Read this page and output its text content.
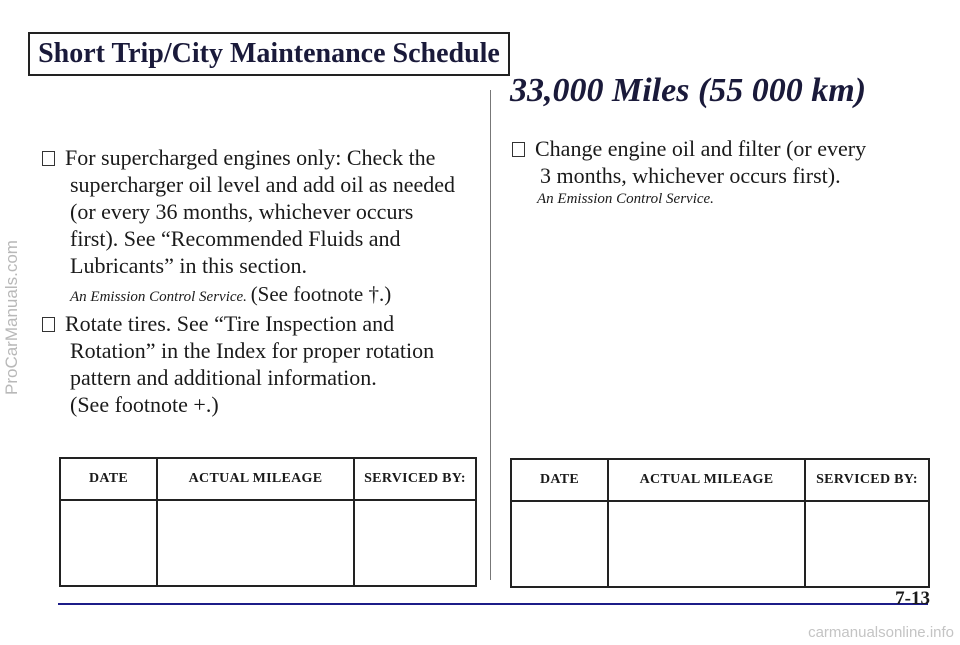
ProCarManuals.com
Short Trip/City Maintenance Schedule
For supercharged engines only: Check the
supercharger oil level and add oil as needed
(or every 36 months, whichever occurs
first). See “Recommended Fluids and
Lubricants” in this section.
An Emission Control Service. (See footnote †.)

Rotate tires. See “Tire Inspection and
Rotation” in the Index for proper rotation
pattern and additional information.
(See footnote +.)
DATE	ACTUAL MILEAGE	SERVICED BY:

33,000 Miles (55 000 km)
Change engine oil and filter (or every
3 months, whichever occurs first).
An Emission Control Service.
DATE	ACTUAL MILEAGE	SERVICED BY:

7-13
carmanualsonline.info
